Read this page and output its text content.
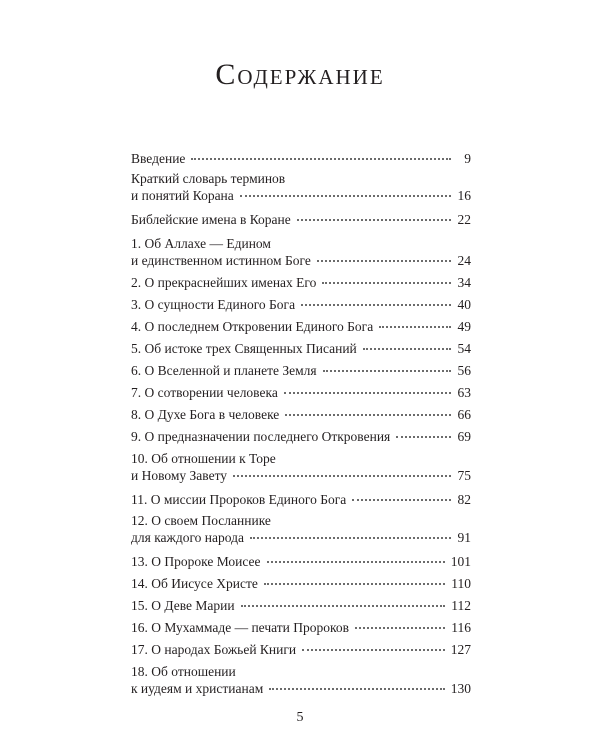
Содержание
Введение	9
Краткий словарь терминов
и понятий Корана	16
Библейские имена в Коране	22
1. Об Аллахе — Едином
и единственном истинном Боге	24
2. О прекраснейших именах Его	34
3. О сущности Единого Бога	40
4. О последнем Откровении Единого Бога	49
5. Об истоке трех Священных Писаний	54
6. О Вселенной и планете Земля	56
7. О сотворении человека	63
8. О Духе Бога в человеке	66
9. О предназначении последнего Откровения	69
10. Об отношении к Торе
и Новому Завету	75
11. О миссии Пророков Единого Бога	82
12. О своем Посланнике
для каждого народа	91
13. О Пророке Моисее	101
14. Об Иисусе Христе	110
15. О Деве Марии	112
16. О Мухаммаде — печати Пророков	116
17. О народах Божьей Книги	127
18. Об отношении
к иудеям и христианам	130
5
